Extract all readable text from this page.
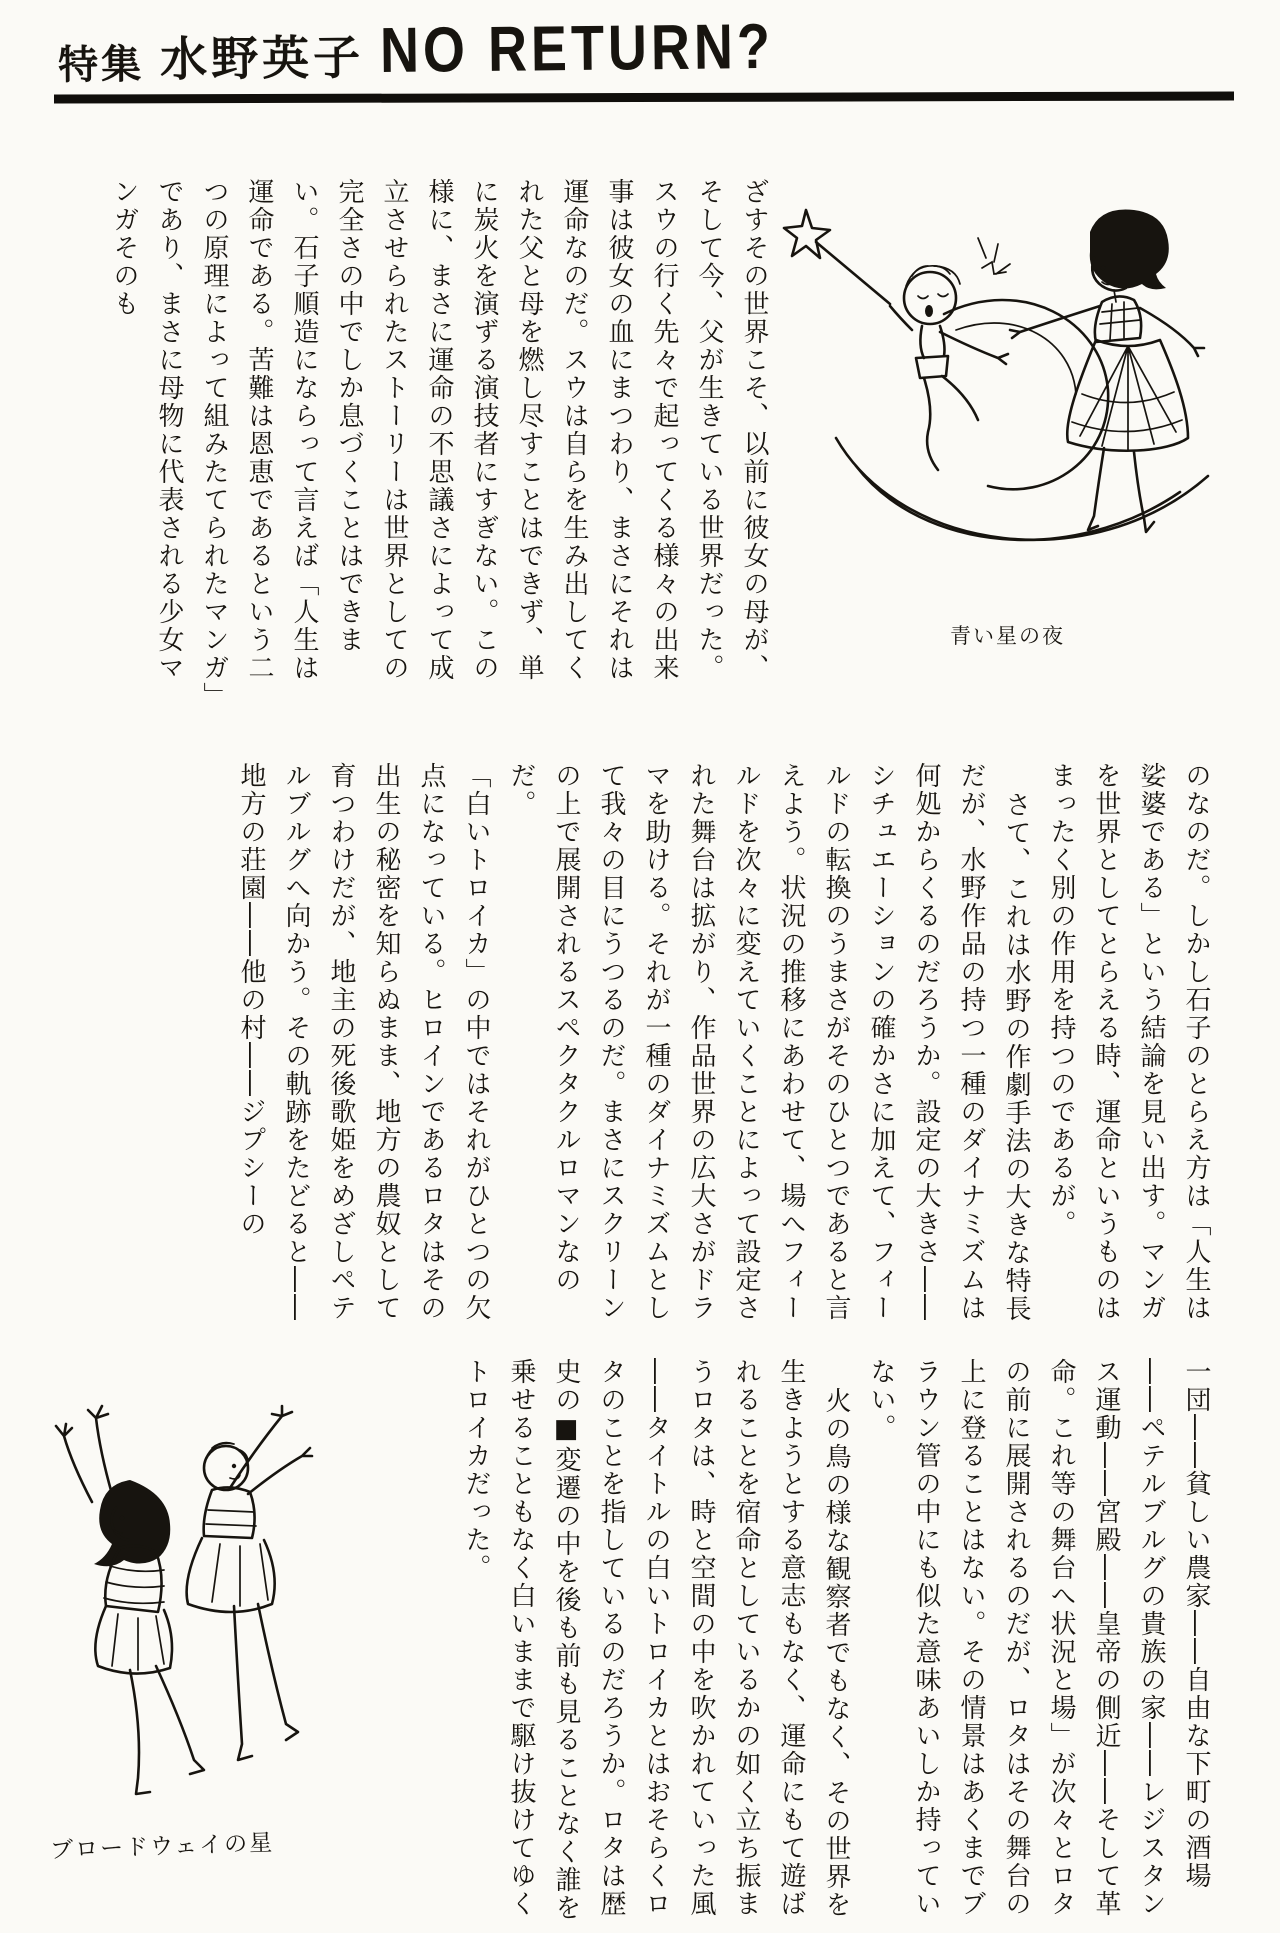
特集 水野英子 NO RETURN?

ざすその世界こそ、以前に彼女の母が、そして今、父が生きている世界だった。スウの行く先々で起ってくる様々の出来事は彼女の血にまつわり、まさにそれは運命なのだ。スウは自らを生み出してくれた父と母を燃し尽すことはできず、単に炭火を演ずる演技者にすぎない。この様に、まさに運命の不思議さによって成立させられたストーリーは世界としての完全さの中でしか息づくことはできまい。石子順造にならって言えば「人生は運命である。苦難は恩恵であるという二つの原理によって組みたてられたマンガ」であり、まさに母物に代表される少女マンガそのも

青い星の夜

のなのだ。しかし石子のとらえ方は「人生は娑婆である」という結論を見い出す。マンガを世界としてとらえる時、運命というものはまったく別の作用を持つのであるが。

さて、これは水野の作劇手法の大きな特長だが、水野作品の持つ一種のダイナミズムは何処からくるのだろうか。設定の大きさ――シチュエーションの確かさに加えて、フィールドの転換のうまさがそのひとつであると言えよう。状況の推移にあわせて、場へフィールドを次々に変えていくことによって設定された舞台は拡がり、作品世界の広大さがドラマを助ける。それが一種のダイナミズムとして我々の目にうつるのだ。まさにスクリーンの上で展開されるスペクタクルロマンなのだ。

「白いトロイカ」の中ではそれがひとつの欠点になっている。ヒロインであるロタはその出生の秘密を知らぬまま、地方の農奴として育つわけだが、地主の死後歌姫をめざしペテルブルグへ向かう。その軌跡をたどると――地方の荘園――他の村――ジプシーの

ブロードウェイの星	一団――貧しい農家――自由な下町の酒場――ペテルブルグの貴族の家――レジスタンス運動――宮殿――皇帝の側近――そして革命。これ等の舞台へ状況と場」が次々とロタの前に展開されるのだが、ロタはその舞台の上に登ることはない。その情景はあくまでブラウン管の中にも似た意味あいしか持っていない。

火の鳥の様な観察者でもなく、その世界を生きようとする意志もなく、運命にもて遊ばれることを宿命としているかの如く立ち振まうロタは、時と空間の中を吹かれていった風――タイトルの白いトロイカとはおそらくロタのことを指しているのだろうか。ロタは歴史の■変遷の中を後も前も見ることなく誰を乗せることもなく白いままで駆け抜けてゆくトロイカだった。
